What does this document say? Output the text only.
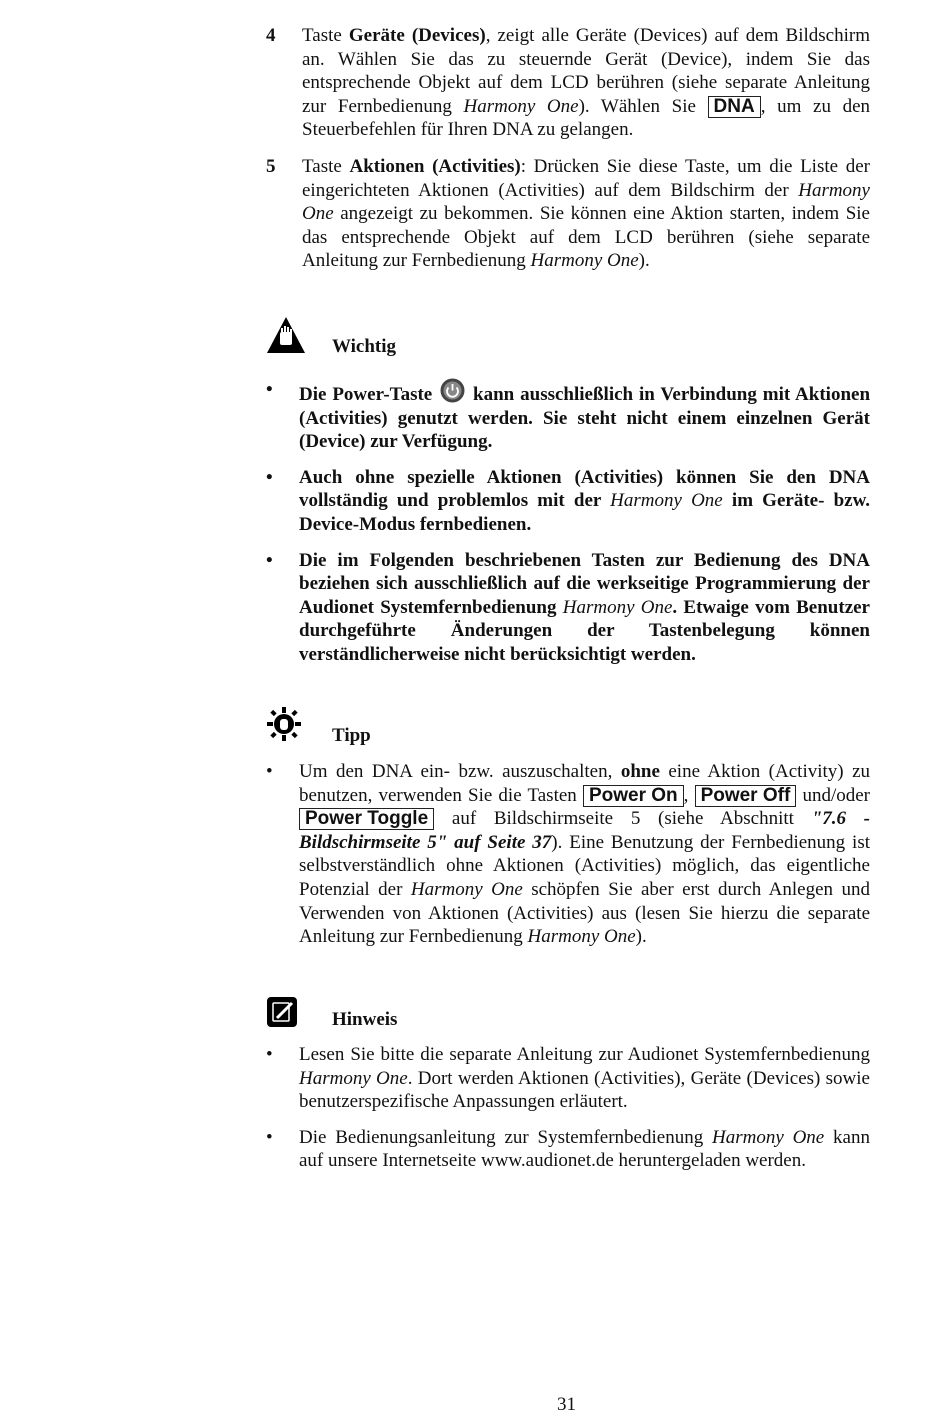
4 Taste Geräte (Devices), zeigt alle Geräte (Devices) auf dem Bildschirm an. Wählen Sie das zu steuernde Gerät (Device), indem Sie das entsprechende Objekt auf dem LCD berühren (siehe separate Anleitung zur Fernbedienung Harmony One). Wählen Sie DNA , um zu den Steuerbefehlen für Ihren DNA zu gelangen.
5 Taste Aktionen (Activities): Drücken Sie diese Taste, um die Liste der eingerichteten Aktionen (Activities) auf dem Bildschirm der Harmony One angezeigt zu bekommen. Sie können eine Aktion starten, indem Sie das entsprechende Objekt auf dem LCD berühren (siehe separate Anleitung zur Fernbedienung Harmony One).
Wichtig
• Die Power-Taste kann ausschließlich in Verbindung mit Aktionen (Activities) genutzt werden. Sie steht nicht einem einzelnen Gerät (Device) zur Verfügung.
• Auch ohne spezielle Aktionen (Activities) können Sie den DNA vollständig und problemlos mit der Harmony One im Geräte- bzw. Device-Modus fernbedienen.
• Die im Folgenden beschriebenen Tasten zur Bedienung des DNA beziehen sich ausschließlich auf die werkseitige Programmierung der Audionet Systemfernbedienung Harmony One. Etwaige vom Benutzer durchgeführte Änderungen der Tastenbelegung können verständlicherweise nicht berücksichtigt werden.
Tipp
• Um den DNA ein- bzw. auszuschalten, ohne eine Aktion (Activity) zu benutzen, verwenden Sie die Tasten Power On , Power Off und/oder Power Toggle auf Bildschirmseite 5 (siehe Abschnitt "7.6 - Bildschirmseite 5" auf Seite 37). Eine Benutzung der Fernbedienung ist selbstverständlich ohne Aktionen (Activities) möglich, das eigentliche Potenzial der Harmony One schöpfen Sie aber erst durch Anlegen und Verwenden von Aktionen (Activities) aus (lesen Sie hierzu die separate Anleitung zur Fernbedienung Harmony One).
Hinweis
• Lesen Sie bitte die separate Anleitung zur Audionet Systemfernbedienung Harmony One. Dort werden Aktionen (Activities), Geräte (Devices) sowie benutzerspezifische Anpassungen erläutert.
• Die Bedienungsanleitung zur Systemfernbedienung Harmony One kann auf unsere Internetseite www.audionet.de heruntergeladen werden.
31
